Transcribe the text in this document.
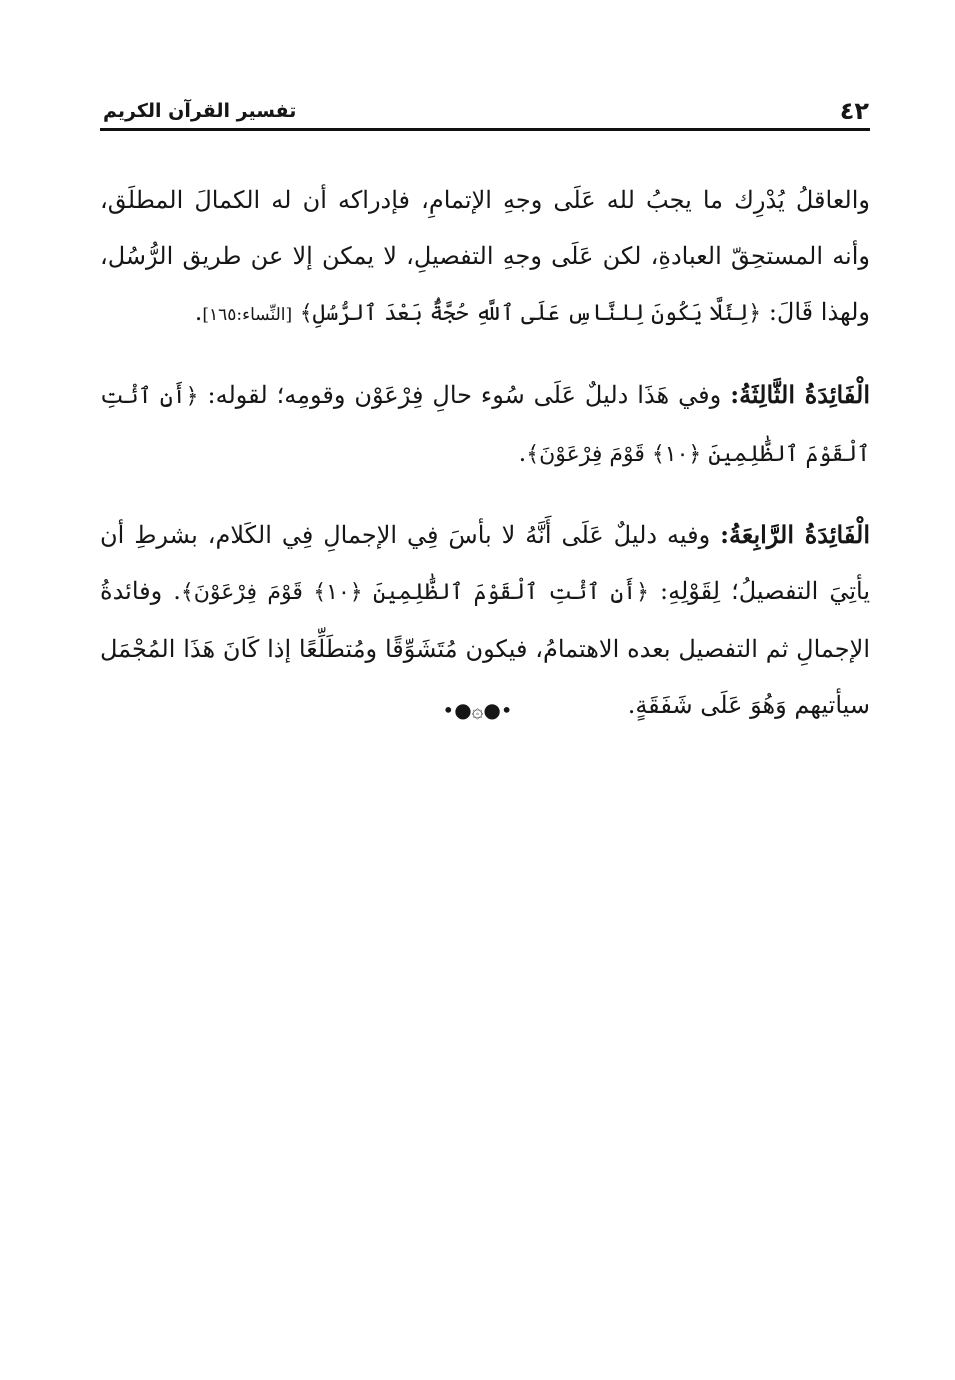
٤٢
تفسير القرآن الكريم

والعاقلُ يُدْرِك ما يجبُ لله عَلَى وجهِ الإتمامِ، فإدراكه أن له الكمالَ المطلَق، وأنه المستحِقّ العبادةِ، لكن عَلَى وجهِ التفصيلِ، لا يمكن إلا عن طريق الرُّسُل، ولهذا قَالَ: ﴿لِئَلَّا يَكُونَ لِلنَّاسِ عَلَى ٱللَّهِ حُجَّةٌۢ بَعْدَ ٱلرُّسُلِ﴾ [النِّساء:١٦٥].

الْفَائِدَةُ الثَّالِثَةُ: وفي هَذَا دليلٌ عَلَى سُوء حالِ فِرْعَوْن وقومِه؛ لقوله: ﴿أَنِ ٱئْتِ ٱلْقَوْمَ ٱلظَّٰلِمِينَ ﴿١٠﴾ قَوْمَ فِرْعَوْنَ﴾.

الْفَائِدَةُ الرَّابِعَةُ: وفيه دليلٌ عَلَى أَنَّهُ لا بأسَ فِي الإجمالِ فِي الكَلام، بشرطِ أن يأتِيَ التفصيلُ؛ لِقَوْلِهِ: ﴿أَنِ ٱئْتِ ٱلْقَوْمَ ٱلظَّٰلِمِينَ ﴿١٠﴾ قَوْمَ فِرْعَوْنَ﴾. وفائدةُ الإجمالِ ثم التفصيل بعده الاهتمامُ، فيكون مُتَشَوِّقًا ومُتطَلِّعًا إذا كَانَ هَذَا المُجْمَل سيأتيهم وَهُوَ عَلَى شَفَقَةٍ.

•●۞●•
